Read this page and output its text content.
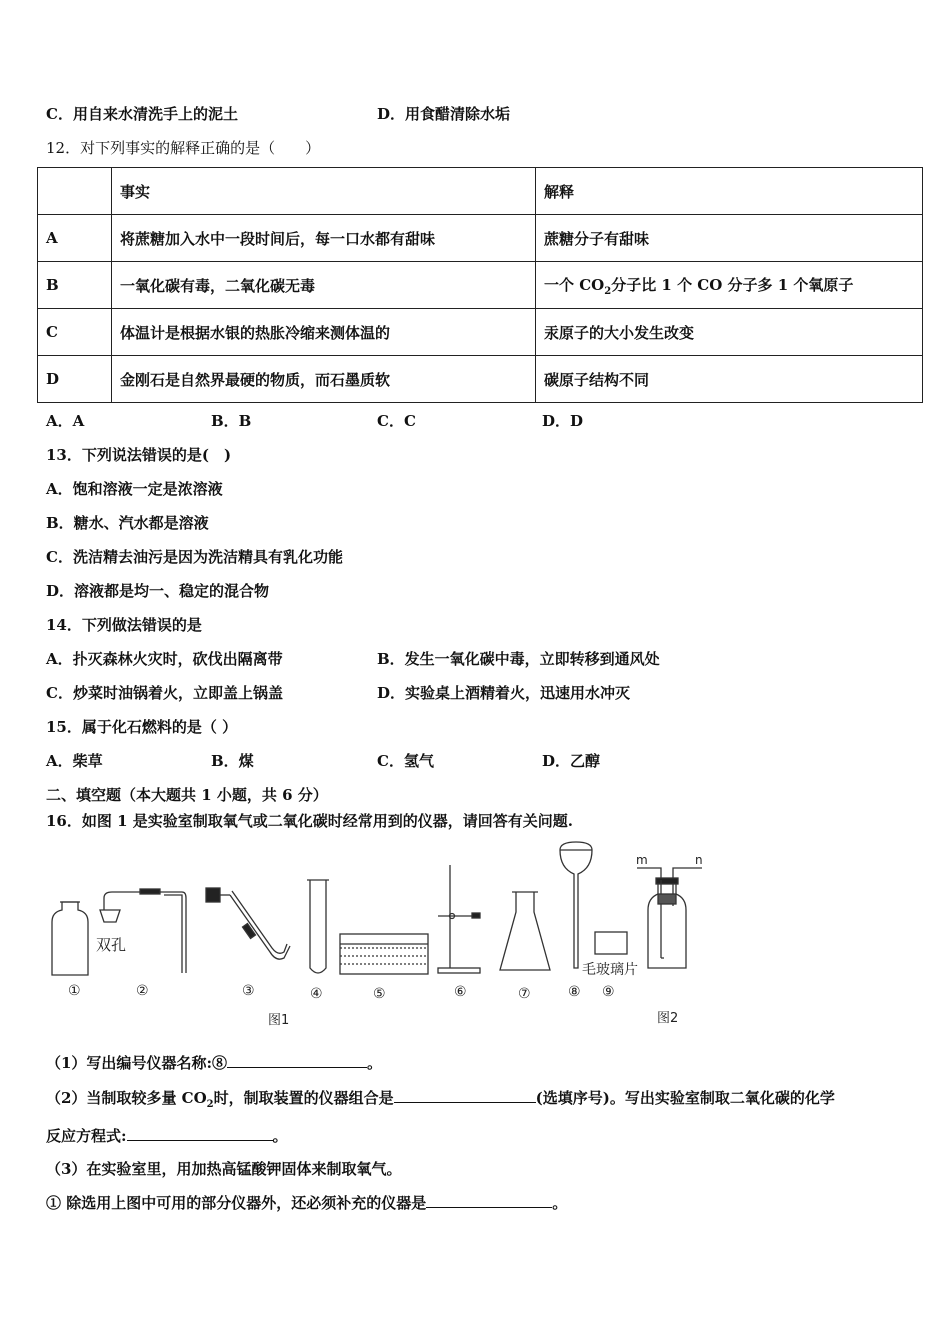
C．用自来水清洗手上的泥土	D．用食醋清除水垢
12．对下列事实的解释正确的是（　　）
	事实	解释
A	将蔗糖加入水中一段时间后，每一口水都有甜味	蔗糖分子有甜味
B	一氧化碳有毒，二氧化碳无毒	一个 $CO_2$分子比 1 个 CO 分子多 1 个氧原子
C	体温计是根据水银的热胀冷缩来测体温的	汞原子的大小发生改变
D	金刚石是自然界最硬的物质，而石墨质软	碳原子结构不同
A．A	B．B	C．C	D．D
13．下列说法错误的是(　)
A．饱和溶液一定是浓溶液
B．糖水、汽水都是溶液
C．洗洁精去油污是因为洗洁精具有乳化功能
D．溶液都是均一、稳定的混合物
14．下列做法错误的是
A．扑灭森林火灾时，砍伐出隔离带	B．发生一氧化碳中毒，立即转移到通风处
C．炒菜时油锅着火，立即盖上锅盖	D．实验桌上酒精着火，迅速用水冲灭
15．属于化石燃料的是（ ）
A．柴草	B．煤	C．氢气	D．乙醇
二、填空题（本大题共 1 小题，共 6 分）
16．如图 1 是实验室制取氧气或二氧化碳时经常用到的仪器，请回答有关问题.
双孔
毛玻璃片
m	n
①	②	③	④	⑤	⑥	⑦	⑧ ⑨
图1	图2
（1）写出编号仪器名称:⑧	。
（2）当制取较多量 $CO_2$时，制取装置的仪器组合是	(选填序号)。写出实验室制取二氧化碳的化学
反应方程式:	。
（3）在实验室里，用加热高锰酸钾固体来制取氧气。
① 除选用上图中可用的部分仪器外，还必须补充的仪器是	。
